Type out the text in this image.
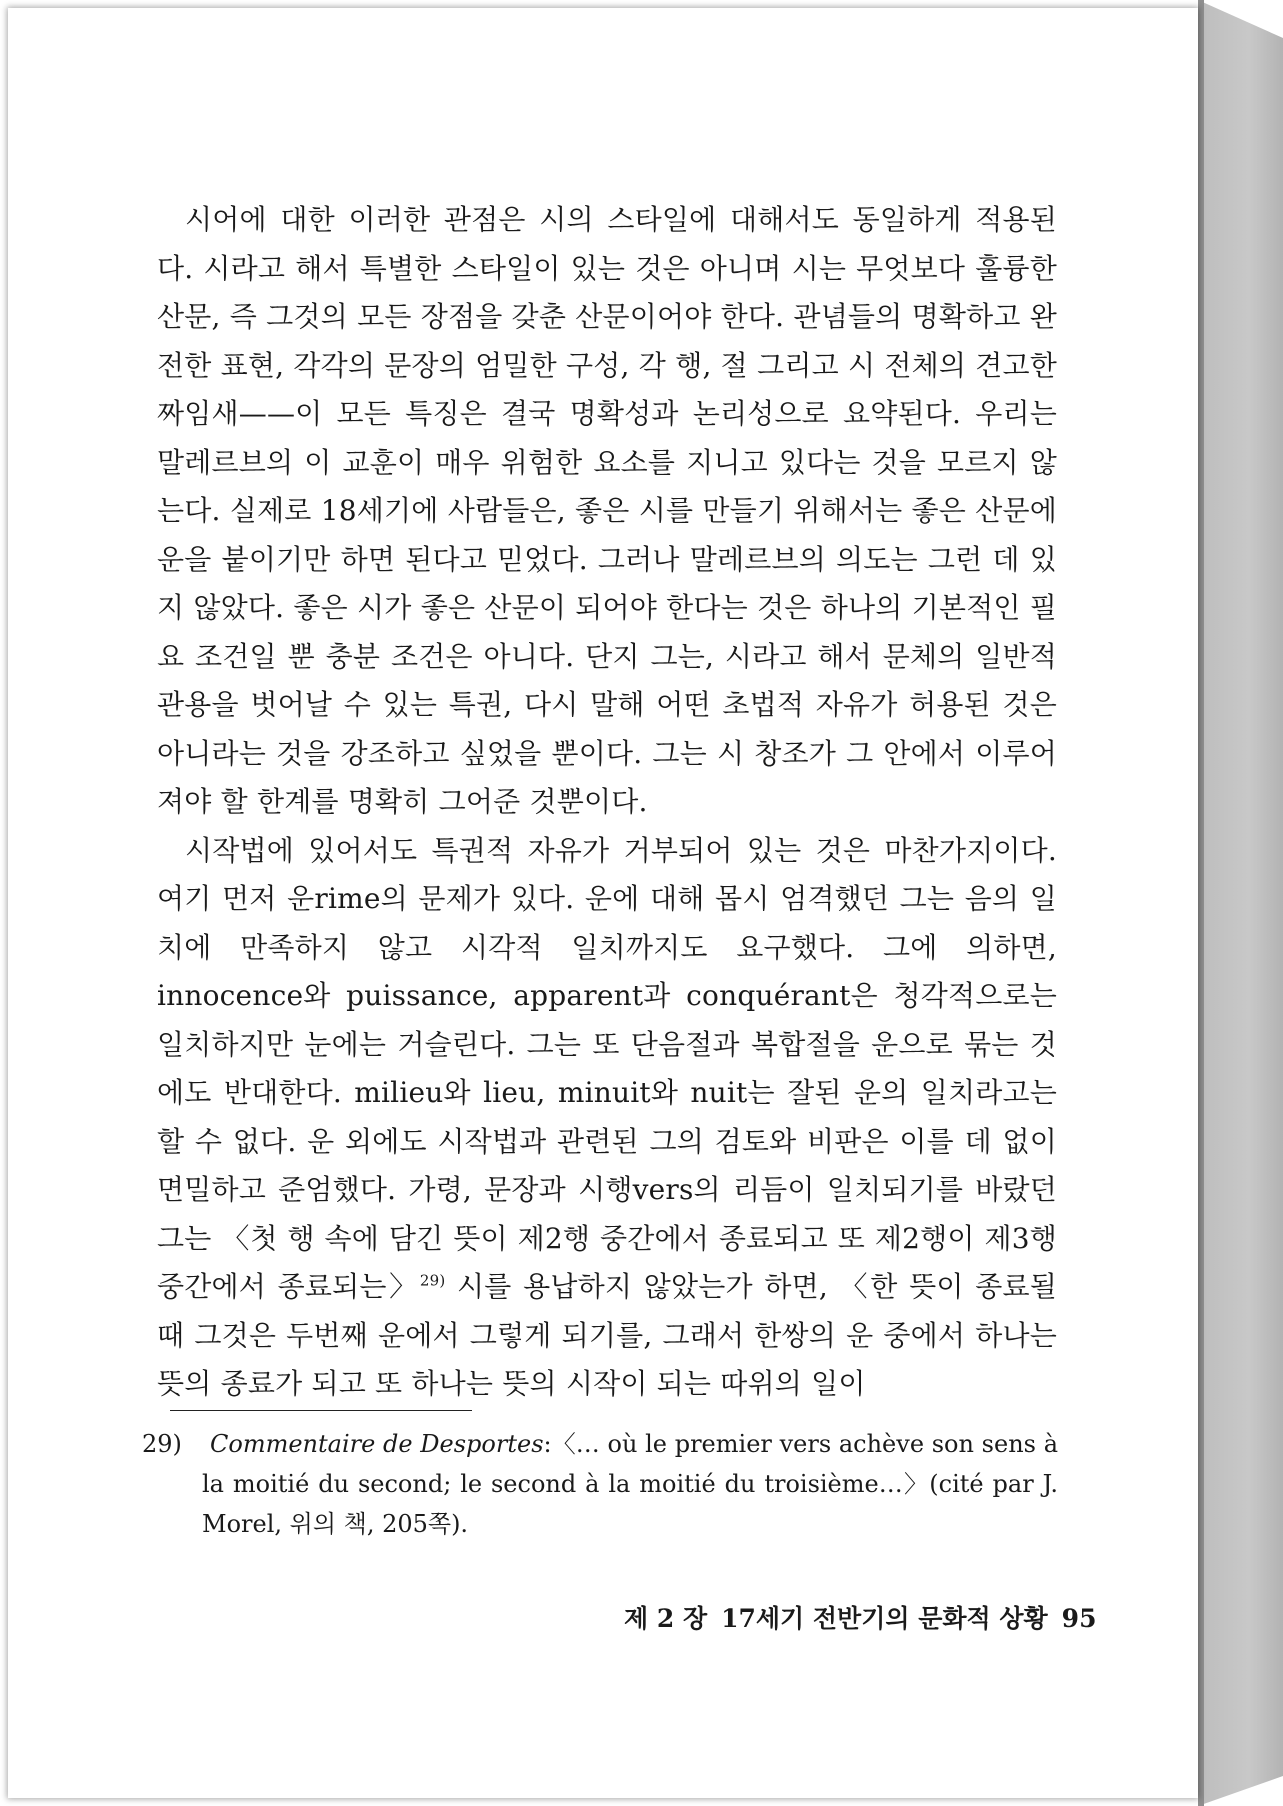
시어에 대한 이러한 관점은 시의 스타일에 대해서도 동일하게 적용된다. 시라고 해서 특별한 스타일이 있는 것은 아니며 시는 무엇보다 훌륭한 산문, 즉 그것의 모든 장점을 갖춘 산문이어야 한다. 관념들의 명확하고 완전한 표현, 각각의 문장의 엄밀한 구성, 각 행, 절 그리고 시 전체의 견고한 짜임새——이 모든 특징은 결국 명확성과 논리성으로 요약된다. 우리는 말레르브의 이 교훈이 매우 위험한 요소를 지니고 있다는 것을 모르지 않는다. 실제로 18세기에 사람들은, 좋은 시를 만들기 위해서는 좋은 산문에 운을 붙이기만 하면 된다고 믿었다. 그러나 말레르브의 의도는 그런 데 있지 않았다. 좋은 시가 좋은 산문이 되어야 한다는 것은 하나의 기본적인 필요 조건일 뿐 충분 조건은 아니다. 단지 그는, 시라고 해서 문체의 일반적 관용을 벗어날 수 있는 특권, 다시 말해 어떤 초법적 자유가 허용된 것은 아니라는 것을 강조하고 싶었을 뿐이다. 그는 시 창조가 그 안에서 이루어져야 할 한계를 명확히 그어준 것뿐이다.

시작법에 있어서도 특권적 자유가 거부되어 있는 것은 마찬가지이다. 여기 먼저 운rime의 문제가 있다. 운에 대해 몹시 엄격했던 그는 음의 일치에 만족하지 않고 시각적 일치까지도 요구했다. 그에 의하면, innocence와 puissance, apparent과 conquérant은 청각적으로는 일치하지만 눈에는 거슬린다. 그는 또 단음절과 복합절을 운으로 묶는 것에도 반대한다. milieu와 lieu, minuit와 nuit는 잘된 운의 일치라고는 할 수 없다. 운 외에도 시작법과 관련된 그의 검토와 비판은 이를 데 없이 면밀하고 준엄했다. 가령, 문장과 시행vers의 리듬이 일치되기를 바랐던 그는 〈첫 행 속에 담긴 뜻이 제2행 중간에서 종료되고 또 제2행이 제3행 중간에서 종료되는〉$^{29)}$ 시를 용납하지 않았는가 하면, 〈한 뜻이 종료될 때 그것은 두번째 운에서 그렇게 되기를, 그래서 한쌍의 운 중에서 하나는 뜻의 종료가 되고 또 하나는 뜻의 시작이 되는 따위의 일이

29) Commentaire de Desportes:〈… où le premier vers achève son sens à la moitié du second; le second à la moitié du troisième…〉(cité par J. Morel, 위의 책, 205쪽).
제 2 장 17세기 전반기의 문화적 상황 95
